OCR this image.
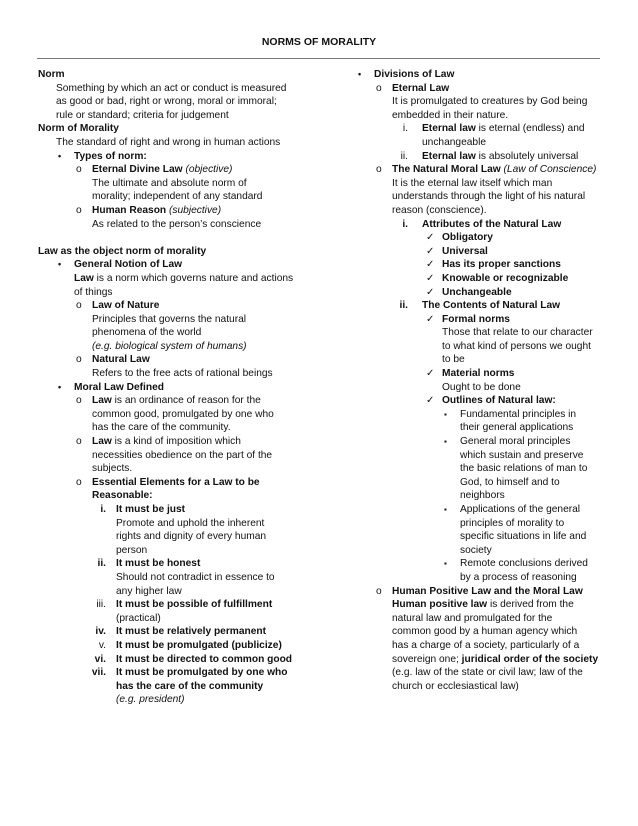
NORMS OF MORALITY
Norm
Something by which an act or conduct is measured
as good or bad, right or wrong, moral or immoral;
rule or standard; criteria for judgement
Norm of Morality
The standard of right and wrong in human actions
• Types of norm:
o Eternal Divine Law (objective)
The ultimate and absolute norm of
morality; independent of any standard
o Human Reason (subjective)
As related to the person’s conscience
Law as the object norm of morality
• General Notion of Law
Law is a norm which governs nature and actions
of things
o Law of Nature
Principles that governs the natural
phenomena of the world
(e.g. biological system of humans)
o Natural Law
Refers to the free acts of rational beings
• Moral Law Defined
o Law is an ordinance of reason for the
common good, promulgated by one who
has the care of the community.
o Law is a kind of imposition which
necessities obedience on the part of the
subjects.
o Essential Elements for a Law to be
Reasonable:
i. It must be just
Promote and uphold the inherent
rights and dignity of every human
person
ii. It must be honest
Should not contradict in essence to
any higher law
iii. It must be possible of fulfillment
(practical)
iv. It must be relatively permanent
v. It must be promulgated (publicize)
vi. It must be directed to common good
vii. It must be promulgated by one who
has the care of the community
(e.g. president)
• Divisions of Law
o Eternal Law
It is promulgated to creatures by God being
embedded in their nature.
i. Eternal law is eternal (endless) and
unchangeable
ii. Eternal law is absolutely universal
o The Natural Moral Law (Law of Conscience)
It is the eternal law itself which man
understands through the light of his natural
reason (conscience).
i. Attributes of the Natural Law
✓ Obligatory
✓ Universal
✓ Has its proper sanctions
✓ Knowable or recognizable
✓ Unchangeable
ii. The Contents of Natural Law
✓ Formal norms
Those that relate to our character
to what kind of persons we ought
to be
✓ Material norms
Ought to be done
✓ Outlines of Natural law:
▪ Fundamental principles in
their general applications
▪ General moral principles
which sustain and preserve
the basic relations of man to
God, to himself and to
neighbors
▪ Applications of the general
principles of morality to
specific situations in life and
society
▪ Remote conclusions derived
by a process of reasoning
o Human Positive Law and the Moral Law
Human positive law is derived from the
natural law and promulgated for the
common good by a human agency which
has a charge of a society, particularly of a
sovereign one; juridical order of the society
(e.g. law of the state or civil law; law of the
church or ecclesiastical law)
